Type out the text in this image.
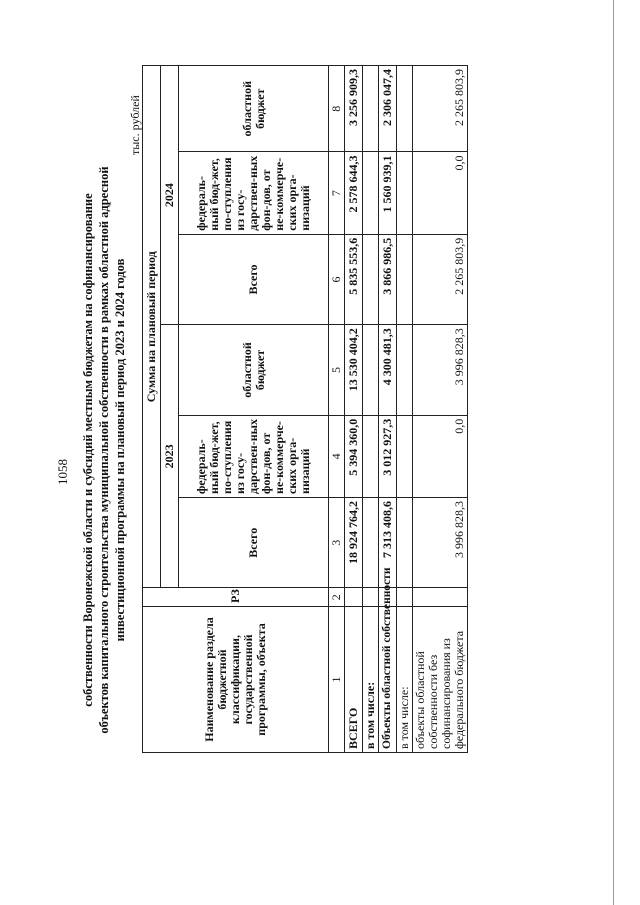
1058 собственности Воронежской области и субсидий местным бюджетам на софинансирование объектов капитального строительства муниципальной собственности в рамках областной адресной инвестиционной программы на плановый период 2023 и 2024 годов
тыс. рублей
Наименование раздела бюджетной классификации, государственной программы, объекта	РЗ	Сумма на плановый период					
		2023			2024		
		Всего	федераль-ный бюд-жет, по-ступления из госу-дарствен-ных фон-дов, от не-коммерче-ских орга-низаций	областной бюджет	Всего	федераль-ный бюд-жет, по-ступления из госу-дарствен-ных фон-дов, от не-коммерче-ских орга-низаций	областной бюджет
1	2	3	4	5	6	7	8
ВСЕГО		18 924 764,2	5 394 360,0	13 530 404,2	5 835 553,6	2 578 644,3	3 256 909,3
в том числе:							
Объекты областной собственности		7 313 408,6	3 012 927,3	4 300 481,3	3 866 986,5	1 560 939,1	2 306 047,4
в том числе:							
объекты областной собственности без софинансирования из федерального бюджета		3 996 828,3	0,0	3 996 828,3	2 265 803,9	0,0	2 265 803,9
